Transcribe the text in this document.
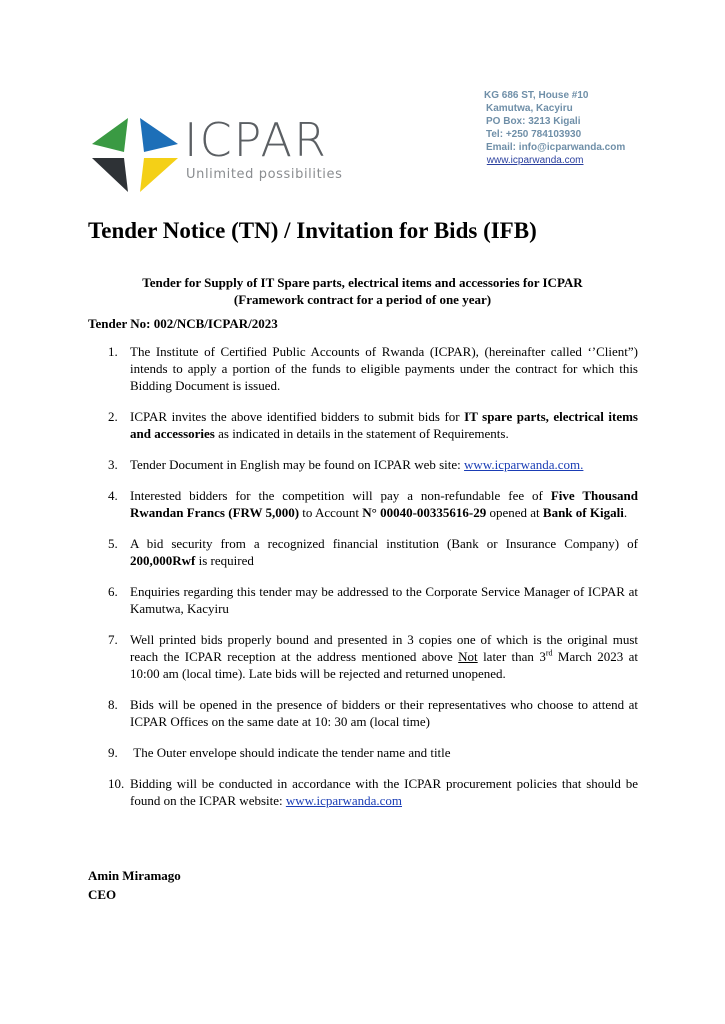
ICPAR
Unlimited possibilities
KG 686 ST, House #10
Kamutwa, Kacyiru
PO Box: 3213 Kigali
Tel: +250 784103930
Email: info@icparwanda.com
www.icparwanda.com
Tender Notice (TN) / Invitation for Bids (IFB)
Tender for Supply of IT Spare parts, electrical items and accessories for ICPAR
(Framework contract for a period of one year)
Tender No: 002/NCB/ICPAR/2023
1. The Institute of Certified Public Accounts of Rwanda (ICPAR), (hereinafter called ‘’Client”) intends to apply a portion of the funds to eligible payments under the contract for which this Bidding Document is issued.
2. ICPAR invites the above identified bidders to submit bids for IT spare parts, electrical items and accessories as indicated in details in the statement of Requirements.
3. Tender Document in English may be found on ICPAR web site: www.icparwanda.com.
4. Interested bidders for the competition will pay a non-refundable fee of Five Thousand Rwandan Francs (FRW 5,000) to Account N° 00040-00335616-29 opened at Bank of Kigali.
5. A bid security from a recognized financial institution (Bank or Insurance Company) of 200,000Rwf is required
6. Enquiries regarding this tender may be addressed to the Corporate Service Manager of ICPAR at Kamutwa, Kacyiru
7. Well printed bids properly bound and presented in 3 copies one of which is the original must reach the ICPAR reception at the address mentioned above Not later than 3rd March 2023 at 10:00 am (local time). Late bids will be rejected and returned unopened.
8. Bids will be opened in the presence of bidders or their representatives who choose to attend at ICPAR Offices on the same date at 10: 30 am (local time)
9. The Outer envelope should indicate the tender name and title
10. Bidding will be conducted in accordance with the ICPAR procurement policies that should be found on the ICPAR website: www.icparwanda.com
Amin Miramago
CEO
